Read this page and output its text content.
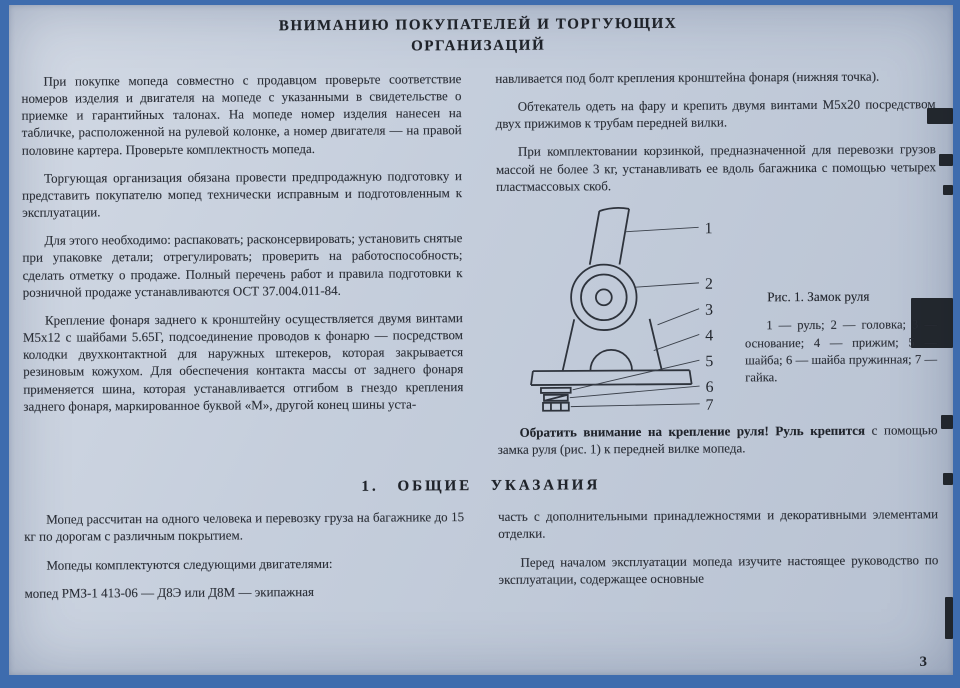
ВНИМАНИЮ ПОКУПАТЕЛЕЙ И ТОРГУЮЩИХ
ОРГАНИЗАЦИЙ

При покупке мопеда совместно с продавцом проверьте соответствие номеров изделия и двигателя на мопеде с указанными в свидетельстве о приемке и гарантийных талонах. На мопеде номер изделия нанесен на табличке, расположенной на рулевой колонке, а номер двигателя — на правой половине картера. Проверьте комплектность мопеда.

Торгующая организация обязана провести предпродажную подготовку и представить покупателю мопед технически исправным и подготовленным к эксплуатации.

Для этого необходимо: распаковать; расконсервировать; установить снятые при упаковке детали; отрегулировать; проверить на работоспособность; сделать отметку о продаже. Полный перечень работ и правила подготовки к розничной продаже устанавливаются ОСТ 37.004.011-84.

Крепление фонаря заднего к кронштейну осуществляется двумя винтами М5х12 с шайбами 5.65Г, подсоединение проводов к фонарю — посредством колодки двухконтактной для наружных штекеров, которая закрывается резиновым кожухом. Для обеспечения контакта массы от заднего фонаря применяется шина, которая устанавливается отгибом в гнездо крепления заднего фонаря, маркированное буквой «М», другой конец шины уста-

навливается под болт крепления кронштейна фонаря (нижняя точка).

Обтекатель одеть на фару и крепить двумя винтами М5х20 посредством двух прижимов к трубам передней вилки.

При комплектовании корзинкой, предназначенной для перевозки грузов массой не более 3 кг, устанавливать ее вдоль багажника с помощью четырех пластмассовых скоб.

1
2
3
4
5
6
7

Рис. 1. Замок руля

1 — руль; 2 — головка; 3 — основание; 4 — прижим; 5 — шайба; 6 — шайба пружинная; 7 — гайка.

Обратить внимание на крепление руля! Руль крепится с помощью замка руля (рис. 1) к передней вилке мопеда.

1. ОБЩИЕ УКАЗАНИЯ

Мопед рассчитан на одного человека и перевозку груза на багажнике до 15 кг по дорогам с различным покрытием.

Мопеды комплектуются следующими двигателями:

мопед РМЗ-1 413-06 — Д8Э или Д8М — экипажная

часть с дополнительными принадлежностями и декоративными элементами отделки.

Перед началом эксплуатации мопеда изучите настоящее руководство по эксплуатации, содержащее основные

3
